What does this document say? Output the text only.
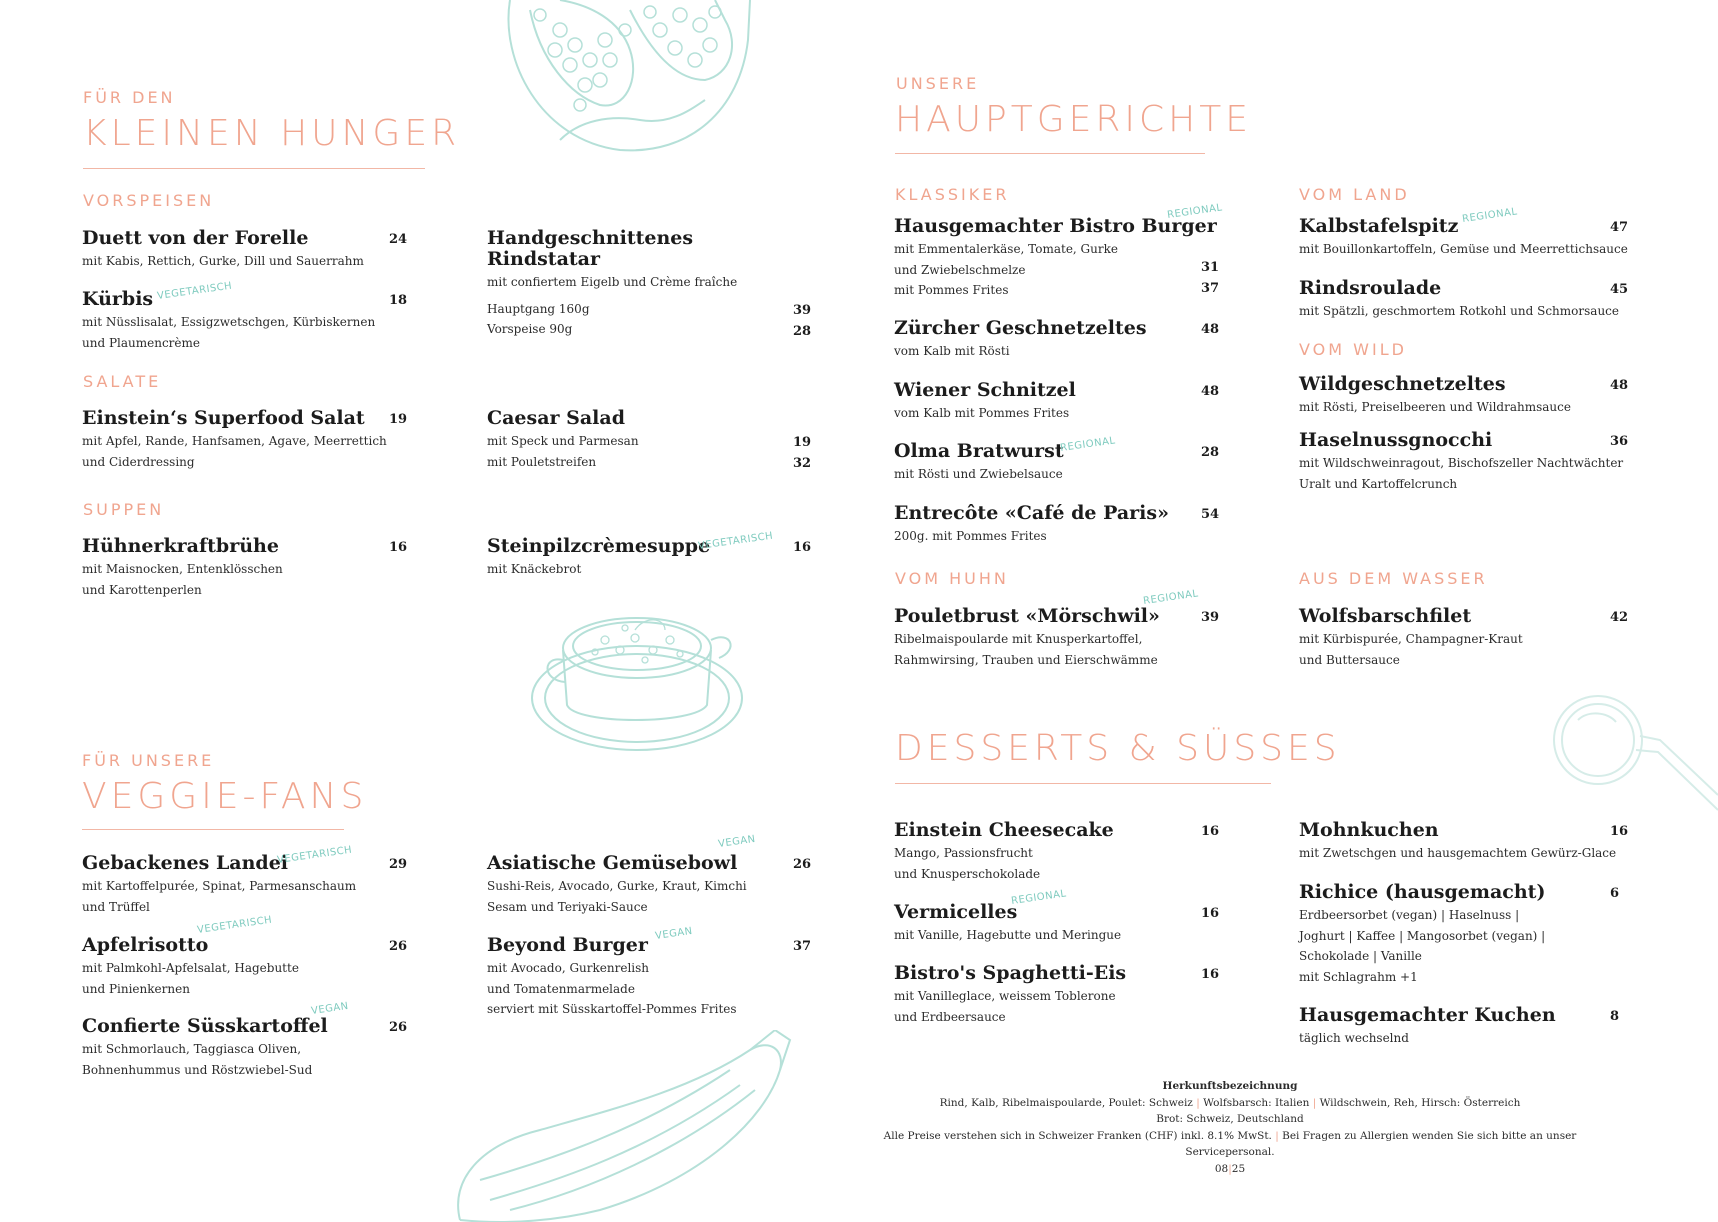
FÜR DEN
KLEINEN HUNGER
VORSPEISEN
Duett von der Forelle
mit Kabis, Rettich, Gurke, Dill und Sauerrahm
24
Kürbis VEGETARISCH
mit Nüsslisalat, Essigzwetschgen, Kürbiskernen
und Plaumencrème
18
Handgeschnittenes Rindstatar
mit confiertem Eigelb und Crème fraîche
Hauptgang 160g
Vorspeise 90g
39
28
SALATE
Einstein‘s Superfood Salat
mit Apfel, Rande, Hanfsamen, Agave, Meerrettich
und Ciderdressing
19	Caesar Salad
mit Speck und Parmesan
mit Pouletstreifen
19
32
SUPPEN
Hühnerkraftbrühe
mit Maisnocken, Entenklösschen
und Karottenperlen
16	Steinpilzcrèmesuppe
VEGETARISCH
mit Knäckebrot
16
FÜR UNSERE
VEGGIE-FANS
Gebackenes Landei
VEGETARISCH
mit Kartoffelpurée, Spinat, Parmesanschaum
und Trüffel
29
Apfelrisotto
VEGETARISCH
mit Palmkohl-Apfelsalat, Hagebutte
und Pinienkernen
26
Confierte Süsskartoffel
VEGAN
mit Schmorlauch, Taggiasca Oliven,
Bohnenhummus und Röstzwiebel-Sud
26
Asiatische Gemüsebowl
VEGAN
Sushi-Reis, Avocado, Gurke, Kraut, Kimchi
Sesam und Teriyaki-Sauce
26
Beyond Burger
VEGAN
mit Avocado, Gurkenrelish
und Tomatenmarmelade
serviert mit Süsskartoffel-Pommes Frites
37
UNSERE
HAUPTGERICHTE
KLASSIKER
Hausgemachter Bistro Burger
REGIONAL
mit Emmentalerkäse, Tomate, Gurke
und Zwiebelschmelze
mit Pommes Frites
31
37
Zürcher Geschnetzeltes
vom Kalb mit Rösti
48
Wiener Schnitzel
vom Kalb mit Pommes Frites
48
Olma Bratwurst
REGIONAL
mit Rösti und Zwiebelsauce
28
Entrecôte «Café de Paris»
200g. mit Pommes Frites
54
VOM HUHN
Pouletbrust «Mörschwil»
REGIONAL
Ribelmaispoularde mit Knusperkartoffel,
Rahmwirsing, Trauben und Eierschwämme
39
VOM LAND
Kalbstafelspitz REGIONAL
mit Bouillonkartoffeln, Gemüse und Meerrettichsauce
47
Rindsroulade
mit Spätzli, geschmortem Rotkohl und Schmorsauce
45
VOM WILD
Wildgeschnetzeltes
mit Rösti, Preiselbeeren und Wildrahmsauce
48
Haselnussgnocchi
mit Wildschweinragout, Bischofszeller Nachtwächter
Uralt und Kartoffelcrunch
36
AUS DEM WASSER
Wolfsbarschfilet
mit Kürbispurée, Champagner-Kraut
und Buttersauce
42
DESSERTS & SÜSSES
Einstein Cheesecake
Mango, Passionsfrucht
und Knusperschokolade
16
Vermicelles
REGIONAL
mit Vanille, Hagebutte und Meringue
16
Bistro's Spaghetti-Eis
mit Vanilleglace, weissem Toblerone
und Erdbeersauce
16
Mohnkuchen
mit Zwetschgen und hausgemachtem Gewürz-Glace
16
Richice (hausgemacht)
Erdbeersorbet (vegan) | Haselnuss |
Joghurt | Kaffee | Mangosorbet (vegan) |
Schokolade | Vanille
mit Schlagrahm +1
6
Hausgemachter Kuchen
täglich wechselnd
8
Herkunftsbezeichnung
Rind, Kalb, Ribelmaispoularde, Poulet: Schweiz | Wolfsbarsch: Italien | Wildschwein, Reh, Hirsch: Österreich
Brot: Schweiz, Deutschland
Alle Preise verstehen sich in Schweizer Franken (CHF) inkl. 8.1% MwSt. | Bei Fragen zu Allergien wenden Sie sich bitte an unser Servicepersonal.
08|25
